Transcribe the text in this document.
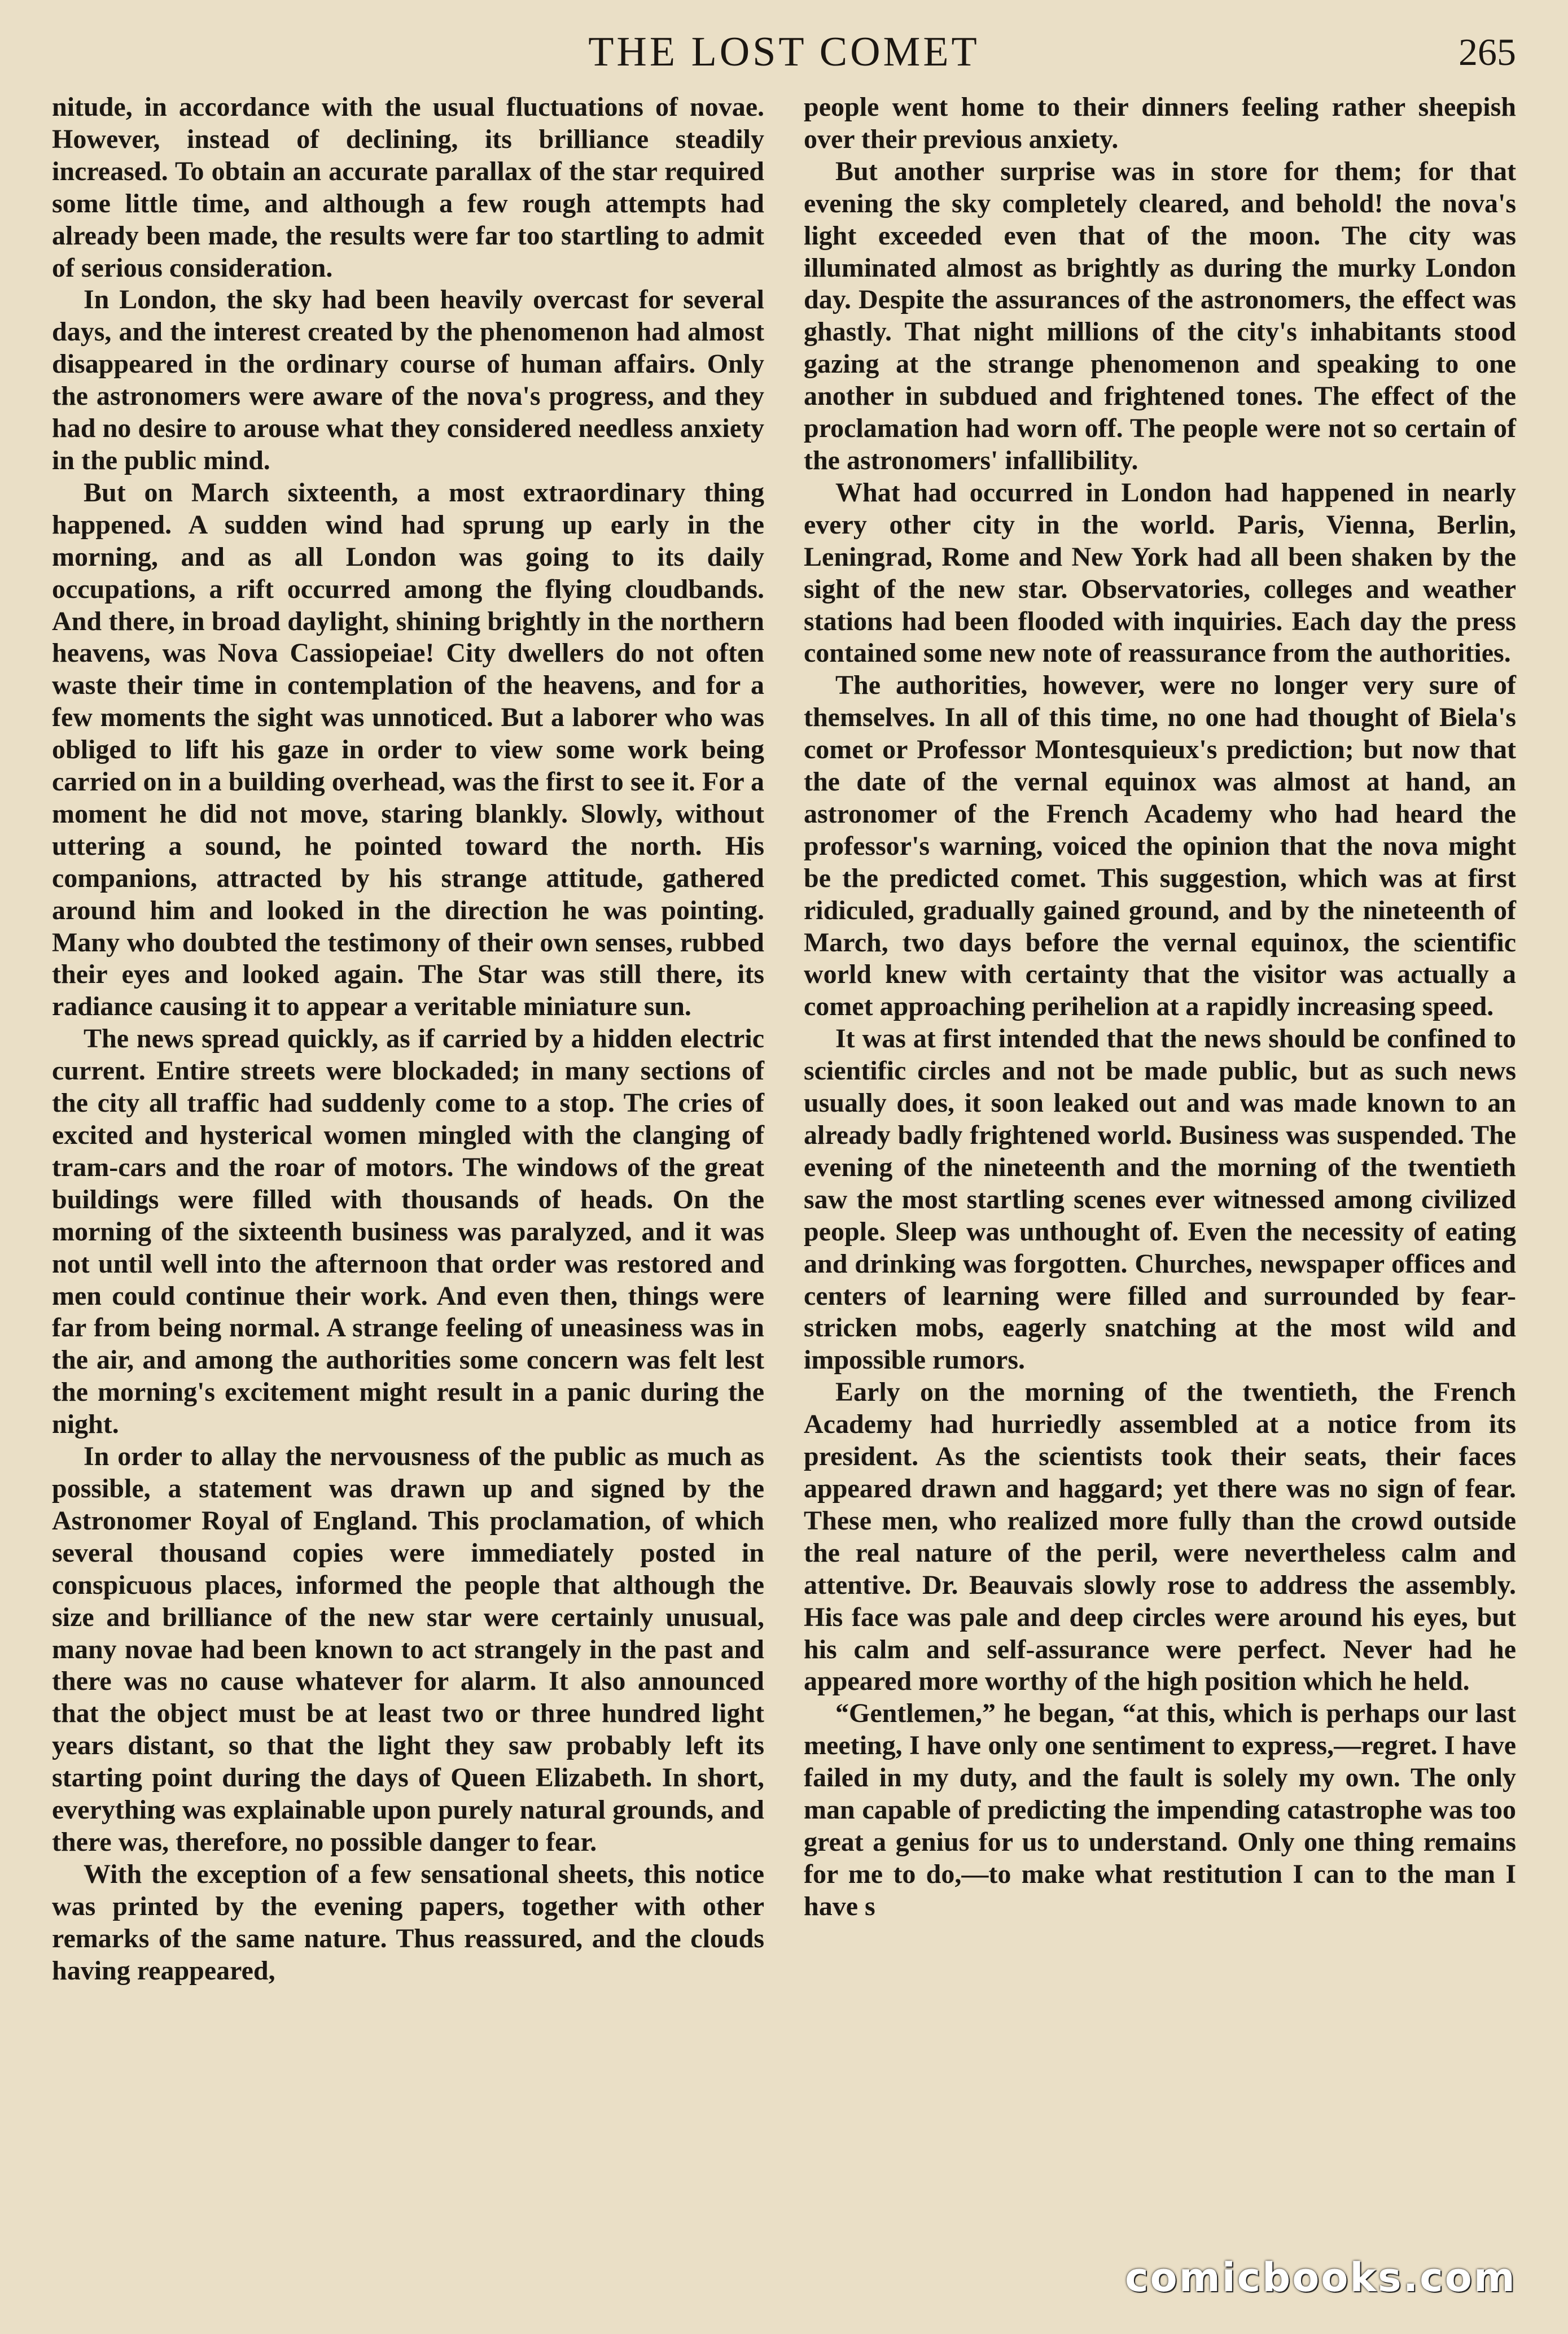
THE LOST COMET	265

nitude, in accordance with the usual fluctuations of novae. However, instead of declining, its brilliance steadily increased. To obtain an accurate parallax of the star required some little time, and although a few rough attempts had already been made, the results were far too startling to admit of serious consideration.

In London, the sky had been heavily overcast for several days, and the interest created by the phenomenon had almost disappeared in the ordinary course of human affairs. Only the astronomers were aware of the nova's progress, and they had no desire to arouse what they considered needless anxiety in the public mind.

But on March sixteenth, a most extraordinary thing happened. A sudden wind had sprung up early in the morning, and as all London was going to its daily occupations, a rift occurred among the flying cloudbands. And there, in broad daylight, shining brightly in the northern heavens, was Nova Cassiopeiae! City dwellers do not often waste their time in contemplation of the heavens, and for a few moments the sight was unnoticed. But a laborer who was obliged to lift his gaze in order to view some work being carried on in a building overhead, was the first to see it. For a moment he did not move, staring blankly. Slowly, without uttering a sound, he pointed toward the north. His companions, attracted by his strange attitude, gathered around him and looked in the direction he was pointing. Many who doubted the testimony of their own senses, rubbed their eyes and looked again. The Star was still there, its radiance causing it to appear a veritable miniature sun.

The news spread quickly, as if carried by a hidden electric current. Entire streets were blockaded; in many sections of the city all traffic had suddenly come to a stop. The cries of excited and hysterical women mingled with the clanging of tram-cars and the roar of motors. The windows of the great buildings were filled with thousands of heads. On the morning of the sixteenth business was paralyzed, and it was not until well into the afternoon that order was restored and men could continue their work. And even then, things were far from being normal. A strange feeling of uneasiness was in the air, and among the authorities some concern was felt lest the morning's excitement might result in a panic during the night.

In order to allay the nervousness of the public as much as possible, a statement was drawn up and signed by the Astronomer Royal of England. This proclamation, of which several thousand copies were immediately posted in conspicuous places, informed the people that although the size and brilliance of the new star were certainly unusual, many novae had been known to act strangely in the past and there was no cause whatever for alarm. It also announced that the object must be at least two or three hundred light years distant, so that the light they saw probably left its starting point during the days of Queen Elizabeth. In short, everything was explainable upon purely natural grounds, and there was, therefore, no possible danger to fear.

With the exception of a few sensational sheets, this notice was printed by the evening papers, together with other remarks of the same nature. Thus reassured, and the clouds having reappeared,

people went home to their dinners feeling rather sheepish over their previous anxiety.

But another surprise was in store for them; for that evening the sky completely cleared, and behold! the nova's light exceeded even that of the moon. The city was illuminated almost as brightly as during the murky London day. Despite the assurances of the astronomers, the effect was ghastly. That night millions of the city's inhabitants stood gazing at the strange phenomenon and speaking to one another in subdued and frightened tones. The effect of the proclamation had worn off. The people were not so certain of the astronomers' infallibility.

What had occurred in London had happened in nearly every other city in the world. Paris, Vienna, Berlin, Leningrad, Rome and New York had all been shaken by the sight of the new star. Observatories, colleges and weather stations had been flooded with inquiries. Each day the press contained some new note of reassurance from the authorities.

The authorities, however, were no longer very sure of themselves. In all of this time, no one had thought of Biela's comet or Professor Montesquieux's prediction; but now that the date of the vernal equinox was almost at hand, an astronomer of the French Academy who had heard the professor's warning, voiced the opinion that the nova might be the predicted comet. This suggestion, which was at first ridiculed, gradually gained ground, and by the nineteenth of March, two days before the vernal equinox, the scientific world knew with certainty that the visitor was actually a comet approaching perihelion at a rapidly increasing speed.

It was at first intended that the news should be confined to scientific circles and not be made public, but as such news usually does, it soon leaked out and was made known to an already badly frightened world. Business was suspended. The evening of the nineteenth and the morning of the twentieth saw the most startling scenes ever witnessed among civilized people. Sleep was unthought of. Even the necessity of eating and drinking was forgotten. Churches, newspaper offices and centers of learning were filled and surrounded by fear-stricken mobs, eagerly snatching at the most wild and impossible rumors.

Early on the morning of the twentieth, the French Academy had hurriedly assembled at a notice from its president. As the scientists took their seats, their faces appeared drawn and haggard; yet there was no sign of fear. These men, who realized more fully than the crowd outside the real nature of the peril, were nevertheless calm and attentive. Dr. Beauvais slowly rose to address the assembly. His face was pale and deep circles were around his eyes, but his calm and self-assurance were perfect. Never had he appeared more worthy of the high position which he held.

“Gentlemen,” he began, “at this, which is perhaps our last meeting, I have only one sentiment to express,—regret. I have failed in my duty, and the fault is solely my own. The only man capable of predicting the impending catastrophe was too great a genius for us to understand. Only one thing remains for me to do,—to make what restitution I can to the man I have s

comicbooks.com
